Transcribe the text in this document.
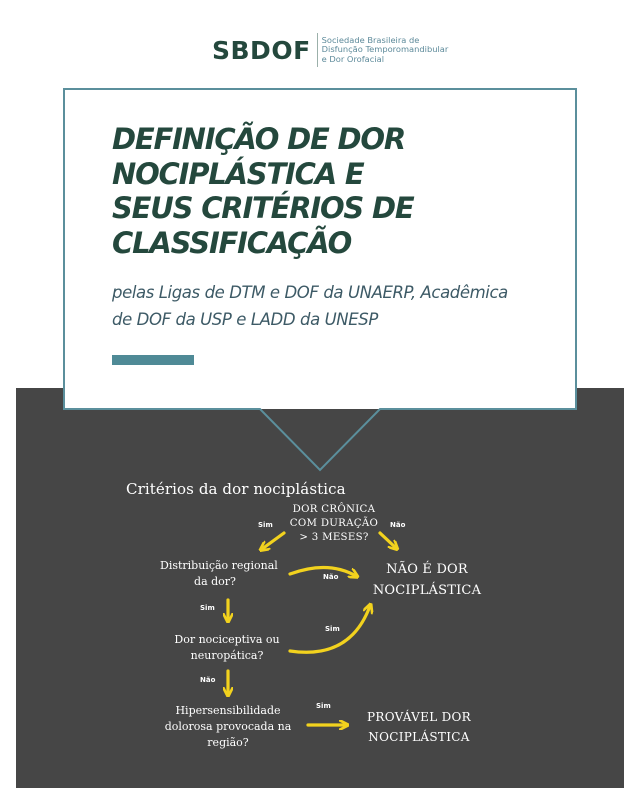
SBDOF Sociedade Brasileira de
Disfunção Temporomandibular
e Dor Orofacial
DEFINIÇÃO DE DOR
NOCIPLÁSTICA E
SEUS CRITÉRIOS DE
CLASSIFICAÇÃO
pelas Ligas de DTM e DOF da UNAERP, Acadêmica
de DOF da USP e LADD da UNESP
Critérios da dor nociplástica
DOR CRÔNICA
COM DURAÇÃO
> 3 MESES?
Distribuição regional
da dor?
Dor nociceptiva ou
neuropática?
Hipersensibilidade
dolorosa provocada na
região?
NÃO É DOR
NOCIPLÁSTICA
PROVÁVEL DOR
NOCIPLÁSTICA
Sim	Não
Não
Sim
Sim
Não
Sim
